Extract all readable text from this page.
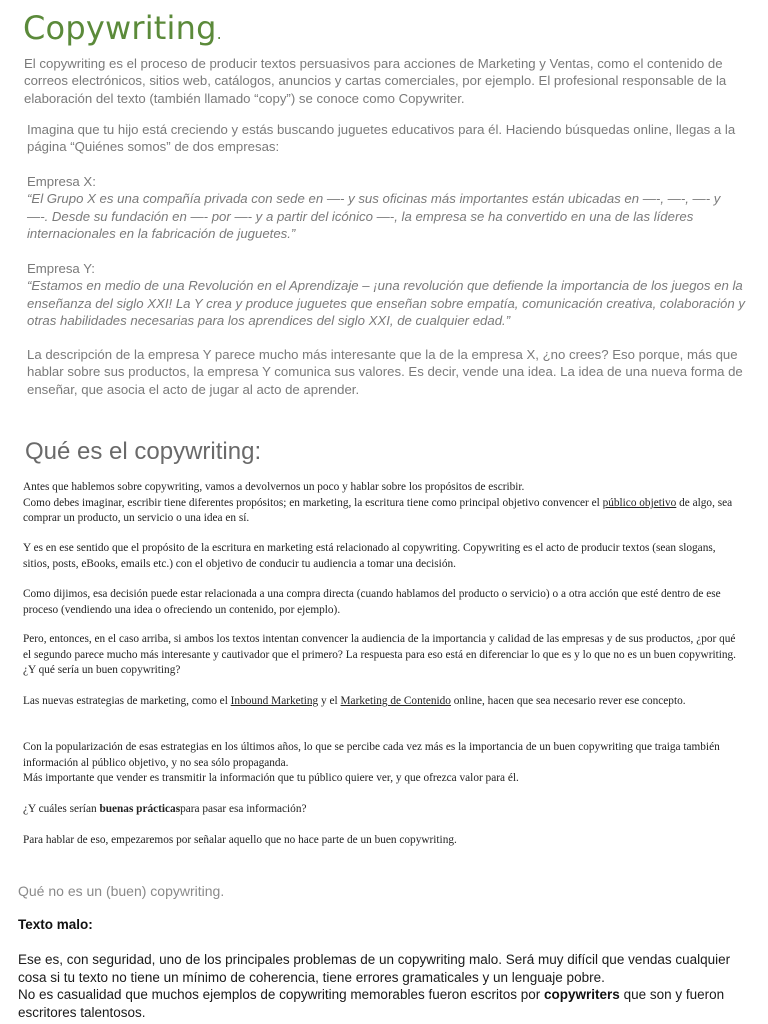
Copywriting.

El copywriting es el proceso de producir textos persuasivos para acciones de Marketing y Ventas, como el contenido de correos electrónicos, sitios web, catálogos, anuncios y cartas comerciales, por ejemplo. El profesional responsable de la elaboración del texto (también llamado “copy”) se conoce como Copywriter.

Imagina que tu hijo está creciendo y estás buscando juguetes educativos para él. Haciendo búsquedas online, llegas a la página “Quiénes somos” de dos empresas:

Empresa X:
“El Grupo X es una compañía privada con sede en —- y sus oficinas más importantes están ubicadas en —-, —-, —- y —-. Desde su fundación en —- por —- y a partir del icónico —-, la empresa se ha convertido en una de las líderes internacionales en la fabricación de juguetes.”
Empresa Y:
“Estamos en medio de una Revolución en el Aprendizaje – ¡una revolución que defiende la importancia de los juegos en la enseñanza del siglo XXI! La Y crea y produce juguetes que enseñan sobre empatía, comunicación creativa, colaboración y otras habilidades necesarias para los aprendices del siglo XXI, de cualquier edad.”

La descripción de la empresa Y parece mucho más interesante que la de la empresa X, ¿no crees? Eso porque, más que hablar sobre sus productos, la empresa Y comunica sus valores. Es decir, vende una idea. La idea de una nueva forma de enseñar, que asocia el acto de jugar al acto de aprender.

Qué es el copywriting:
Antes que hablemos sobre copywriting, vamos a devolvernos un poco y hablar sobre los propósitos de escribir.
Como debes imaginar, escribir tiene diferentes propósitos; en marketing, la escritura tiene como principal objetivo convencer el público objetivo de algo, sea comprar un producto, un servicio o una idea en sí.

Y es en ese sentido que el propósito de la escritura en marketing está relacionado al copywriting. Copywriting es el acto de producir textos (sean slogans, sitios, posts, eBooks, emails etc.) con el objetivo de conducir tu audiencia a tomar una decisión.

Como dijimos, esa decisión puede estar relacionada a una compra directa (cuando hablamos del producto o servicio) o a otra acción que esté dentro de ese proceso (vendiendo una idea o ofreciendo un contenido, por ejemplo).

Pero, entonces, en el caso arriba, si ambos los textos intentan convencer la audiencia de la importancia y calidad de las empresas y de sus productos, ¿por qué el segundo parece mucho más interesante y cautivador que el primero? La respuesta para eso está en diferenciar lo que es y lo que no es un buen copywriting. ¿Y qué sería un buen copywriting?

Las nuevas estrategias de marketing, como el Inbound Marketing y el Marketing de Contenido online, hacen que sea necesario rever ese concepto.

Con la popularización de esas estrategias en los últimos años, lo que se percibe cada vez más es la importancia de un buen copywriting que traiga también información al público objetivo, y no sea sólo propaganda.
Más importante que vender es transmitir la información que tu público quiere ver, y que ofrezca valor para él.

¿Y cuáles serían buenas prácticaspara pasar esa información?

Para hablar de eso, empezaremos por señalar aquello que no hace parte de un buen copywriting.

Qué no es un (buen) copywriting.
Texto malo:
Ese es, con seguridad, uno de los principales problemas de un copywriting malo. Será muy difícil que vendas cualquier cosa si tu texto no tiene un mínimo de coherencia, tiene errores gramaticales y un lenguaje pobre.
No es casualidad que muchos ejemplos de copywriting memorables fueron escritos por copywriters que son y fueron escritores talentosos.
